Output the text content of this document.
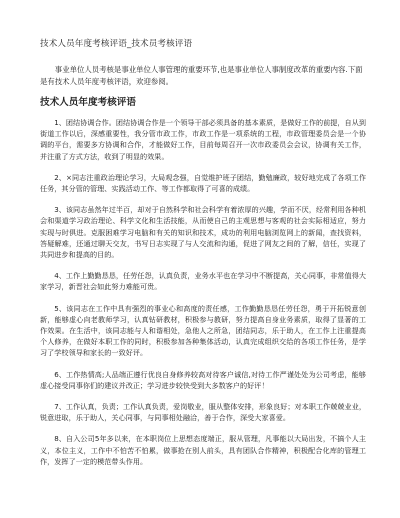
技术人员年度考核评语_技术员考核评语

事业单位人员考核是事业单位人事管理的重要环节,也是事业单位人事制度改革的重要内容.下面是有技术人员年度考核评语，欢迎参阅。

技术人员年度考核评语

1、团结协调合作。团结协调合作是一个领导干部必须具备的基本素质，是做好工作的前提，自从到街道工作以后，深感重要性，我分管市政工作，市政工作是一项系统的工程，市政管理委员会是一个协调的平台，需要多方协调和合作，才能做好工作，目前每周召开一次市政委员会会议，协调有关工作，并注重了方式方法，收到了明显的效果。

2、×同志注重政治理论学习，大局观念强，自觉维护班子团结，勤勉廉政，较好地完成了各项工作任务，其分管的管理、实践活动工作、等工作都取得了可喜的成绩。

3、该同志虽然年过半百，却对于自然科学和社会科学有着浓厚的兴趣，学而不厌，经常利用各种机会和渠道学习政治理论、科学文化和生活技能，从而使自己的主观思想与客观的社会实际相适应，努力实现与时俱进。克服困难学习电脑和有关的知识和技术，成功的利用电脑浏览网上的新闻，查找资料，答疑解难，还通过聊天交友，书写日志实现了与人交流和沟通，促进了网友之间的了解，信任，实现了共同进步和提高的目的。

4、工作上勤勤恳恳，任劳任怨，认真负责，业务水平也在学习中不断提高，关心同事，非常值得大家学习，新晋社会如此努力难能可贵。

5、该同志在工作中具有强烈的事业心和高度的责任感，工作勤勤恳恳任劳任怨，勇于开拓锐意创新，能够虚心向老教师学习，认真钻研教材，积极参与教研，努力提高自身业务素质，取得了显著的工作效果。在生活中，该同志能与人和谐相处，急他人之所急，团结同志，乐于助人，在工作上注重提高个人修养，在做好本职工作的同时，积极参加各种集体活动，认真完成组织交给的各项工作任务，是学习了学校领导和家长的一致好评。

6、工作热情高;人品端正遵行优良自身修养较高对待客户诚信,对待工作严谨处处为公司考虑，能够虚心接受同事你们的建议并改正；学习进步较快受到大多数客户的好评！

7、工作认真，负责；工作认真负责，爱岗敬业，服从整体安排，形象良好；对本职工作兢兢业业，锐意进取，乐于助人，关心同事，与同事相处融洽，善于合作，深受大家喜爱。

8、自入公司5年多以来，在本职岗位上思想态度端正，服从管理，凡事能以大局出发，不搞个人主义，本位主义，工作中不怕苦不怕累，做事抢在别人前头，具有团队合作精神，积极配合化库的管理工作，发挥了一定的模范带头作用。
